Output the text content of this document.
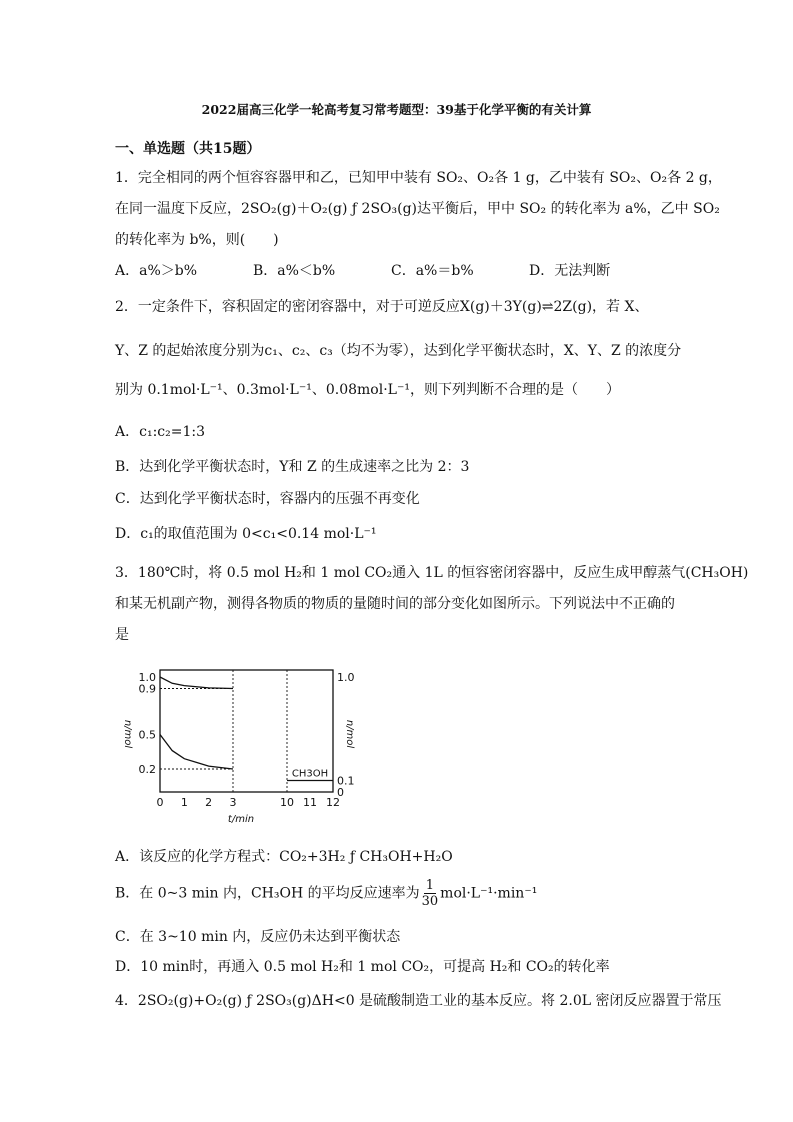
2022届高三化学一轮高考复习常考题型：39基于化学平衡的有关计算
一、单选题（共15题）
1．完全相同的两个恒容容器甲和乙，已知甲中装有 SO₂、O₂各 1 g，乙中装有 SO₂、O₂各 2 g，
在同一温度下反应，2SO₂(g)＋O₂(g) ƒ 2SO₃(g)达平衡后，甲中 SO₂ 的转化率为 a%，乙中 SO₂
的转化率为 b%，则(　　)
A．a%＞b%	B．a%＜b%	C．a%＝b%	D．无法判断
2．一定条件下，容积固定的密闭容器中，对于可逆反应X(g)＋3Y(g)⇌2Z(g)，若 X、
Y、Z 的起始浓度分别为c₁、c₂、c₃（均不为零），达到化学平衡状态时，X、Y、Z 的浓度分
别为 0.1mol·L⁻¹、0.3mol·L⁻¹、0.08mol·L⁻¹，则下列判断不合理的是（　　）
A．c₁:c₂=1:3
B．达到化学平衡状态时，Y和 Z 的生成速率之比为 2：3
C．达到化学平衡状态时，容器内的压强不再变化
D．c₁的取值范围为 0<c₁<0.14 mol·L⁻¹
3．180℃时，将 0.5 mol H₂和 1 mol CO₂通入 1L 的恒容密闭容器中，反应生成甲醇蒸气(CH₃OH)
和某无机副产物，测得各物质的物质的量随时间的部分变化如图所示。下列说法中不正确的
是
0 1 2 3	10 11 12
t/min
1.0
0.9
0.5
0.2
1.0
0.1
0
n/mol	n/mol
CH3OH
A．该反应的化学方程式：CO₂+3H₂ ƒ CH₃OH+H₂O
B．在 0~3 min 内，CH₃OH 的平均反应速率为 $\frac{1}{30} mol\cdot L^{-1}\cdot\min^{-1}$
C．在 3~10 min 内，反应仍未达到平衡状态
D．10 min时，再通入 0.5 mol H₂和 1 mol CO₂，可提高 H₂和 CO₂的转化率
4．2SO₂(g)+O₂(g) ƒ 2SO₃(g)ΔH<0 是硫酸制造工业的基本反应。将 2.0L 密闭反应器置于常压
